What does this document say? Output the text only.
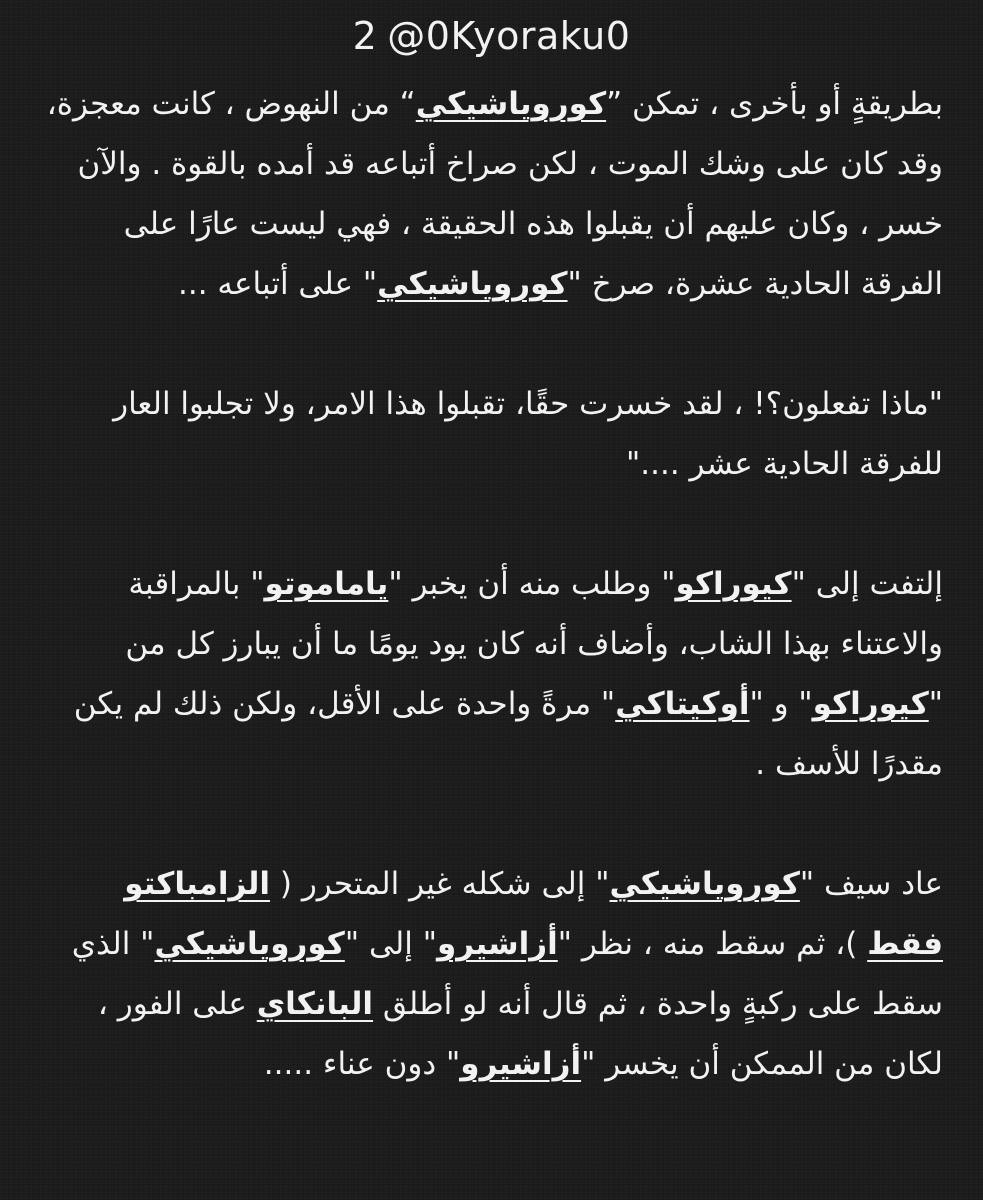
2 @0Kyoraku0

بطريقةٍ أو بأخرى ، تمكن ”كورو‌ياشيكي“ من النهوض ، كانت معجزة، وقد كان على وشك الموت ، لكن صراخ أتباعه قد أمده بالقوة . والآن خسر ، وكان عليهم أن يقبلوا هذه الحقيقة ، فهي ليست عارًا على الفرقة الحادية عشرة، صرخ "كورو‌ياشيكي" على أتباعه ...

"ماذا تفعلون؟! ، لقد خسرت حقًا، تقبلوا هذا الامر، ولا تجلبوا العار للفرقة الحادية عشر ...."

إلتفت إلى "كيوراكو" وطلب منه أن يخبر "ياماموتو" بالمراقبة والاعتناء بهذا الشاب، وأضاف أنه كان يود يومًا ما أن يبارز كل من "كيوراكو" و "أوكيتاكي" مرةً واحدة على الأقل، ولكن ذلك لم يكن مقدرًا للأسف .

عاد سيف "كورو‌ياشيكي" إلى شكله غير المتحرر ( الزامباكتو فقط )، ثم سقط منه ، نظر "أزاشيرو" إلى "كورو‌ياشيكي" الذي سقط على ركبةٍ واحدة ، ثم قال أنه لو أطلق البانكاي على الفور ، لكان من الممكن أن يخسر "أزاشيرو" دون عناء .....
